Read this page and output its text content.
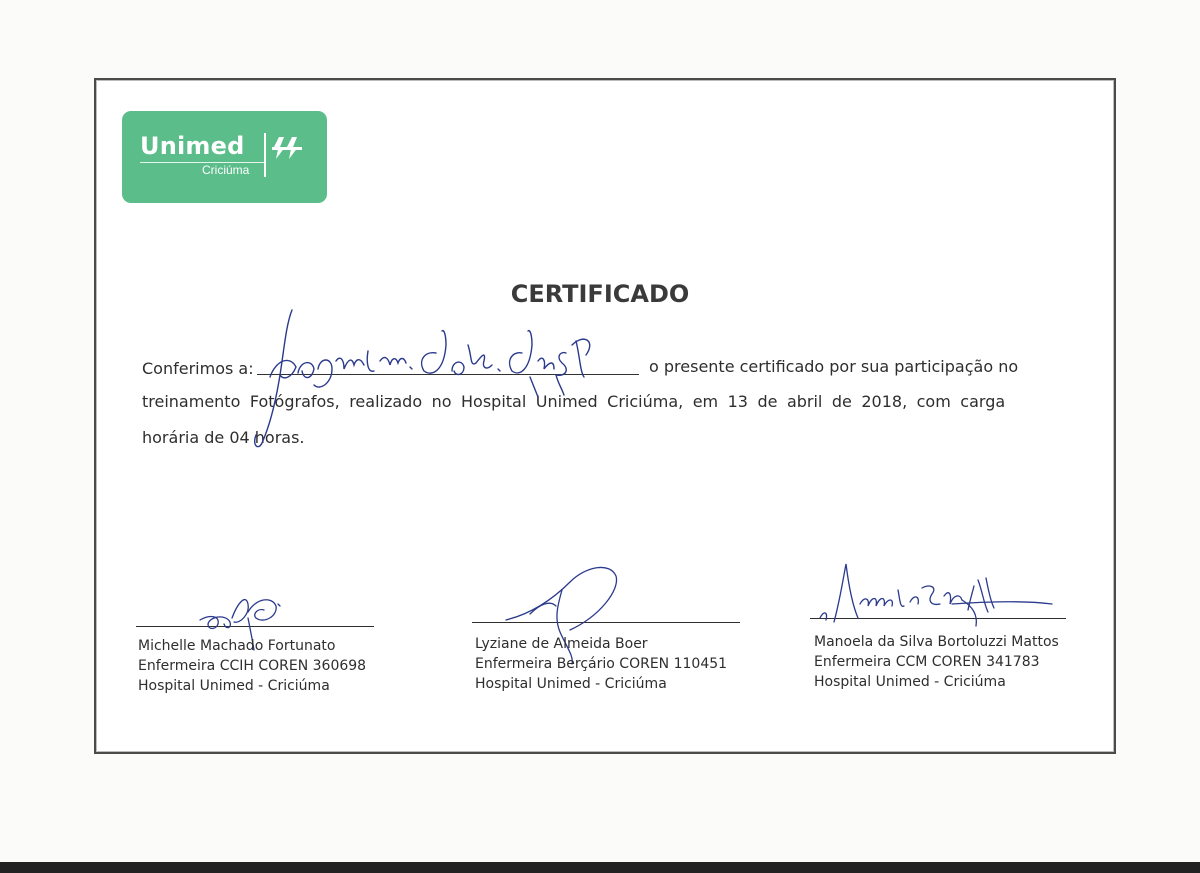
Unimed
Criciúma
CERTIFICADO
Conferimos a:	o presente certificado por sua participação no
treinamento Fotógrafos, realizado no Hospital Unimed Criciúma, em 13 de abril de 2018, com carga
horária de 04 horas.
Michelle Machado Fortunato
Enfermeira CCIH COREN 360698
Hospital Unimed - Criciúma
Lyziane de Almeida Boer
Enfermeira Berçário COREN 110451
Hospital Unimed - Criciúma
Manoela da Silva Bortoluzzi Mattos
Enfermeira CCM COREN 341783
Hospital Unimed - Criciúma
